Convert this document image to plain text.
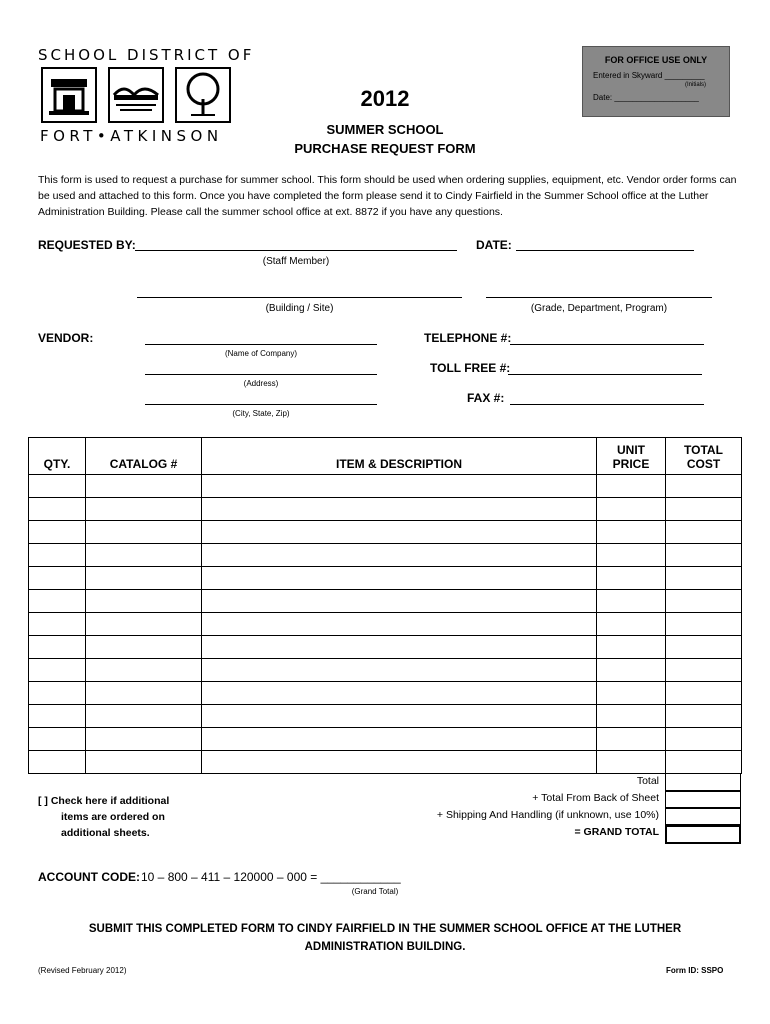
SCHOOL DISTRICT OF
FORT•ATKINSON
FOR OFFICE USE ONLY
Entered in Skyward _________
(Initials)
Date: ___________________
2012
SUMMER SCHOOL
PURCHASE REQUEST FORM
This form is used to request a purchase for summer school. This form should be used when ordering supplies, equipment, etc. Vendor order forms can be used and attached to this form. Once you have completed the form please send it to Cindy Fairfield in the Summer School office at the Luther Administration Building. Please call the summer school office at ext. 8872 if you have any questions.
REQUESTED BY:	DATE:
(Staff Member)
(Building / Site)	(Grade, Department, Program)
VENDOR:
(Name of Company)
(Address)
(City, State, Zip)
TELEPHONE #:
TOLL FREE #:
FAX #:
QTY.	CATALOG #	ITEM & DESCRIPTION	UNIT PRICE	TOTAL COST

Total
+ Total From Back of Sheet
+ Shipping And Handling (if unknown, use 10%)
= GRAND TOTAL
[ ] Check here if additional
items are ordered on
additional sheets.
ACCOUNT CODE: 10 – 800 – 411 – 120000 – 000 = ____________
(Grand Total)
SUBMIT THIS COMPLETED FORM TO CINDY FAIRFIELD IN THE SUMMER SCHOOL OFFICE AT THE LUTHER ADMINISTRATION BUILDING.
(Revised February 2012)	Form ID: SSPO
